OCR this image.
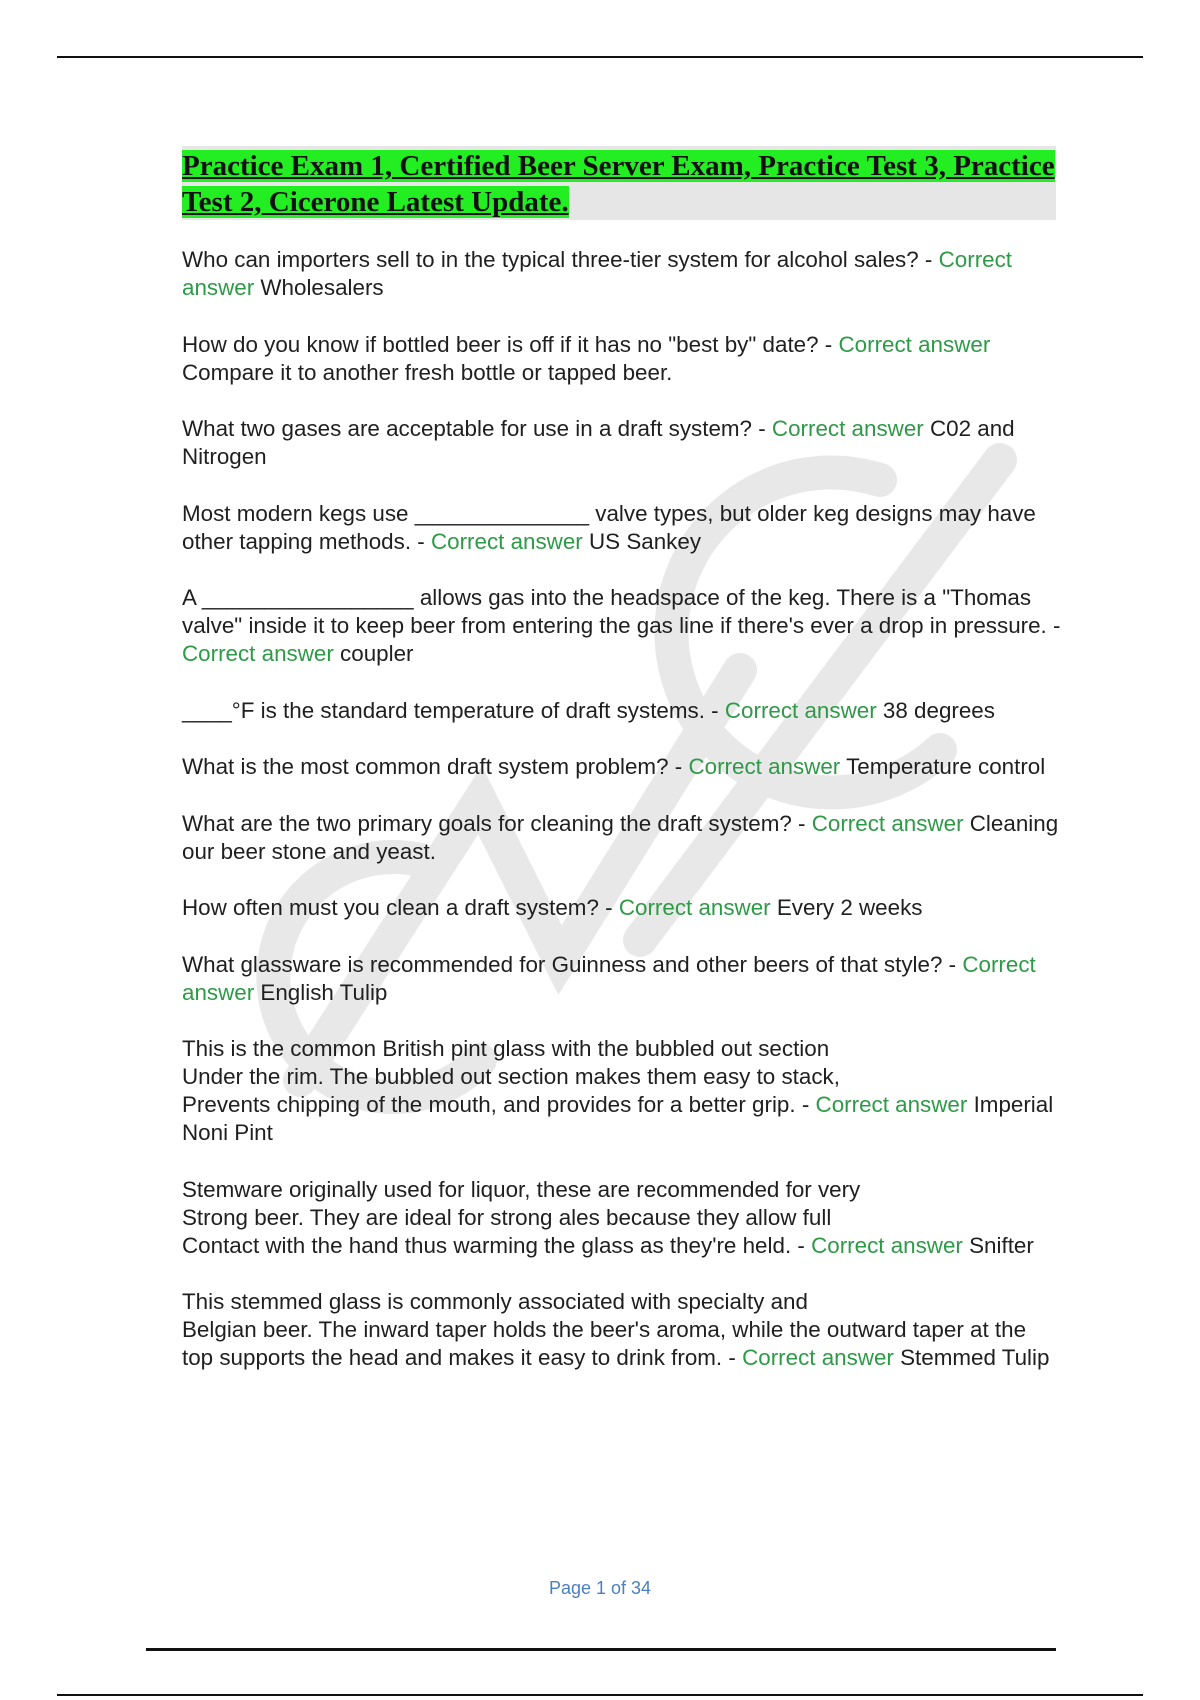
Practice Exam 1, Certified Beer Server Exam, Practice Test 3, Practice Test 2, Cicerone Latest Update.

Who can importers sell to in the typical three-tier system for alcohol sales? - Correct answer Wholesalers

How do you know if bottled beer is off if it has no "best by" date? - Correct answer Compare it to another fresh bottle or tapped beer.

What two gases are acceptable for use in a draft system? - Correct answer C02 and Nitrogen

Most modern kegs use ______________ valve types, but older keg designs may have other tapping methods. - Correct answer US Sankey

A _________________ allows gas into the headspace of the keg. There is a "Thomas valve" inside it to keep beer from entering the gas line if there's ever a drop in pressure. - Correct answer coupler

____°F is the standard temperature of draft systems. - Correct answer 38 degrees

What is the most common draft system problem? - Correct answer Temperature control

What are the two primary goals for cleaning the draft system? - Correct answer Cleaning our beer stone and yeast.

How often must you clean a draft system? - Correct answer Every 2 weeks

What glassware is recommended for Guinness and other beers of that style? - Correct answer English Tulip

This is the common British pint glass with the bubbled out section
Under the rim. The bubbled out section makes them easy to stack,
Prevents chipping of the mouth, and provides for a better grip. - Correct answer Imperial Noni Pint

Stemware originally used for liquor, these are recommended for very
Strong beer. They are ideal for strong ales because they allow full
Contact with the hand thus warming the glass as they're held. - Correct answer Snifter

This stemmed glass is commonly associated with specialty and
Belgian beer. The inward taper holds the beer's aroma, while the outward taper at the top supports the head and makes it easy to drink from. - Correct answer Stemmed Tulip

Page 1 of 34
